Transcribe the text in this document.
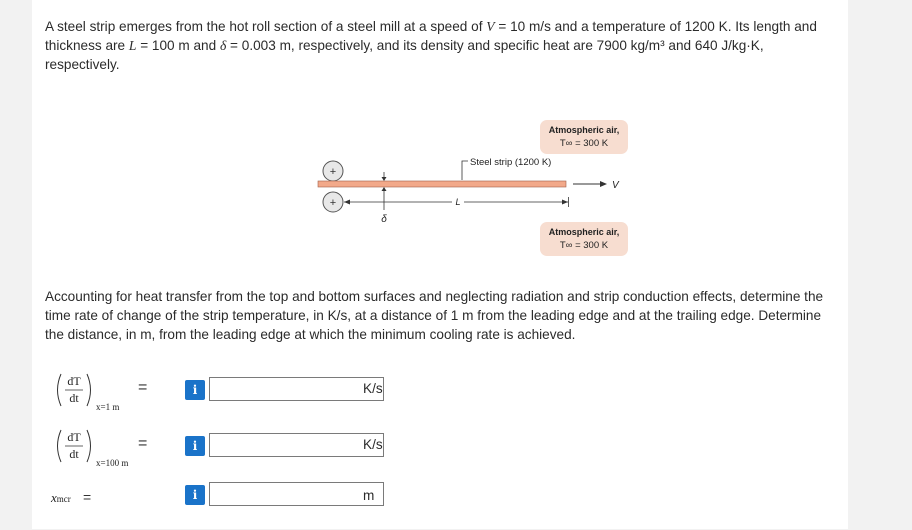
A steel strip emerges from the hot roll section of a steel mill at a speed of V = 10 m/s and a temperature of 1200 K. Its length and thickness are L = 100 m and δ = 0.003 m, respectively, and its density and specific heat are 7900 kg/m³ and 640 J/kg·K, respectively.

Atmospheric air,
T∞ = 300 K
Steel strip (1200 K)
+
+
δ
V
L
Atmospheric air,
T∞ = 300 K

Accounting for heat transfer from the top and bottom surfaces and neglecting radiation and strip conduction effects, determine the time rate of change of the strip temperature, in K/s, at a distance of 1 m from the leading edge and at the trailing edge. Determine the distance, in m, from the leading edge at which the minimum cooling rate is achieved.

dT
dt
x=1 m
=	i	K/s
dT
dt
x=100 m
=	i	K/s
xmcr =	i	m
